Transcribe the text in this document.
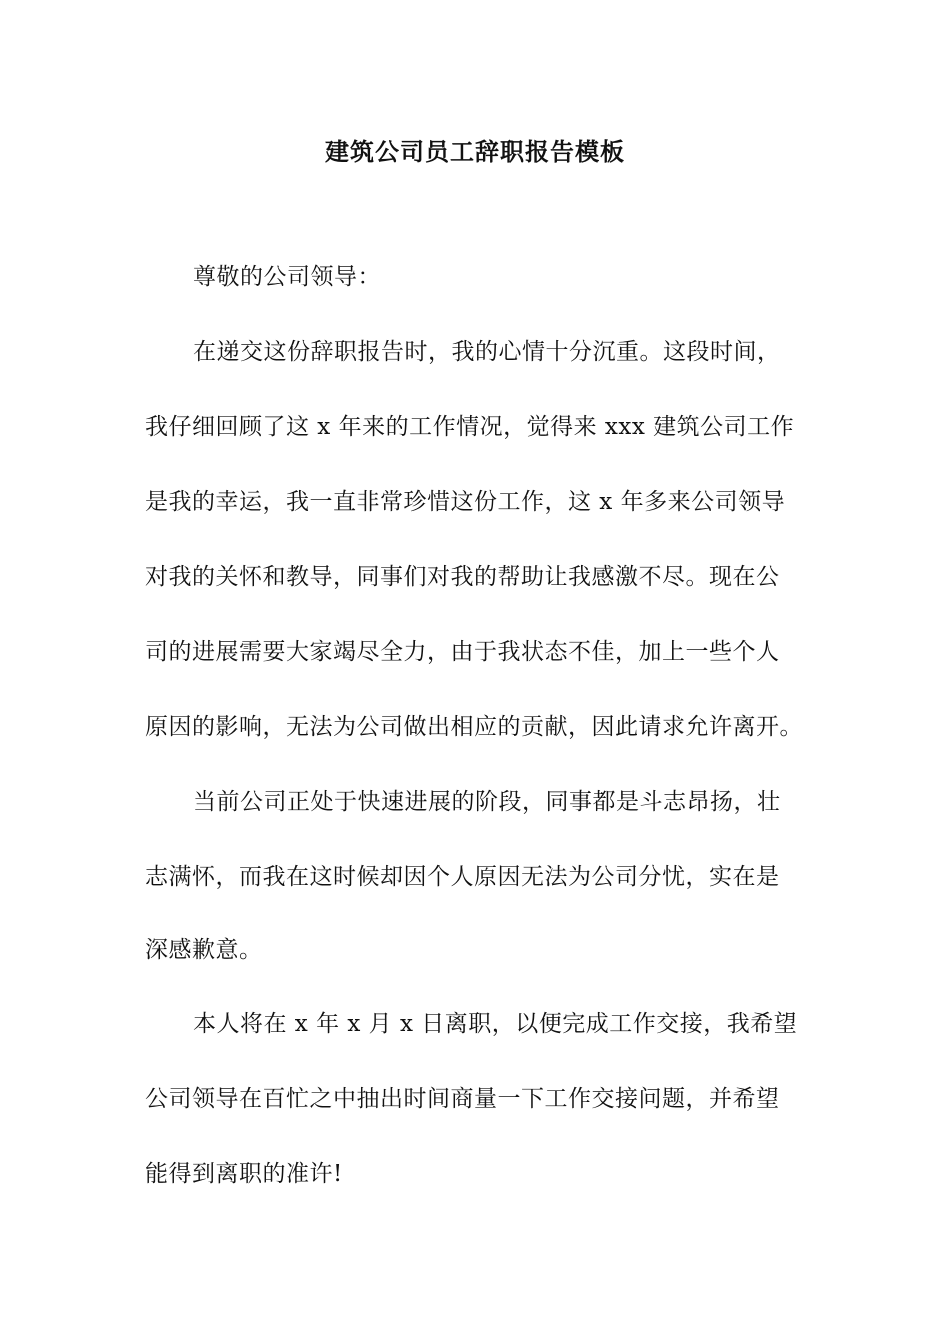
建筑公司员工辞职报告模板
尊敬的公司领导：
在递交这份辞职报告时，我的心情十分沉重。这段时间，
我仔细回顾了这 x 年来的工作情况，觉得来 xxx 建筑公司工作
是我的幸运，我一直非常珍惜这份工作，这 x 年多来公司领导
对我的关怀和教导，同事们对我的帮助让我感激不尽。现在公
司的进展需要大家竭尽全力，由于我状态不佳，加上一些个人
原因的影响，无法为公司做出相应的贡献，因此请求允许离开。
当前公司正处于快速进展的阶段，同事都是斗志昂扬，壮
志满怀，而我在这时候却因个人原因无法为公司分忧，实在是
深感歉意。
本人将在 x 年 x 月 x 日离职，以便完成工作交接，我希望
公司领导在百忙之中抽出时间商量一下工作交接问题，并希望
能得到离职的准许!
